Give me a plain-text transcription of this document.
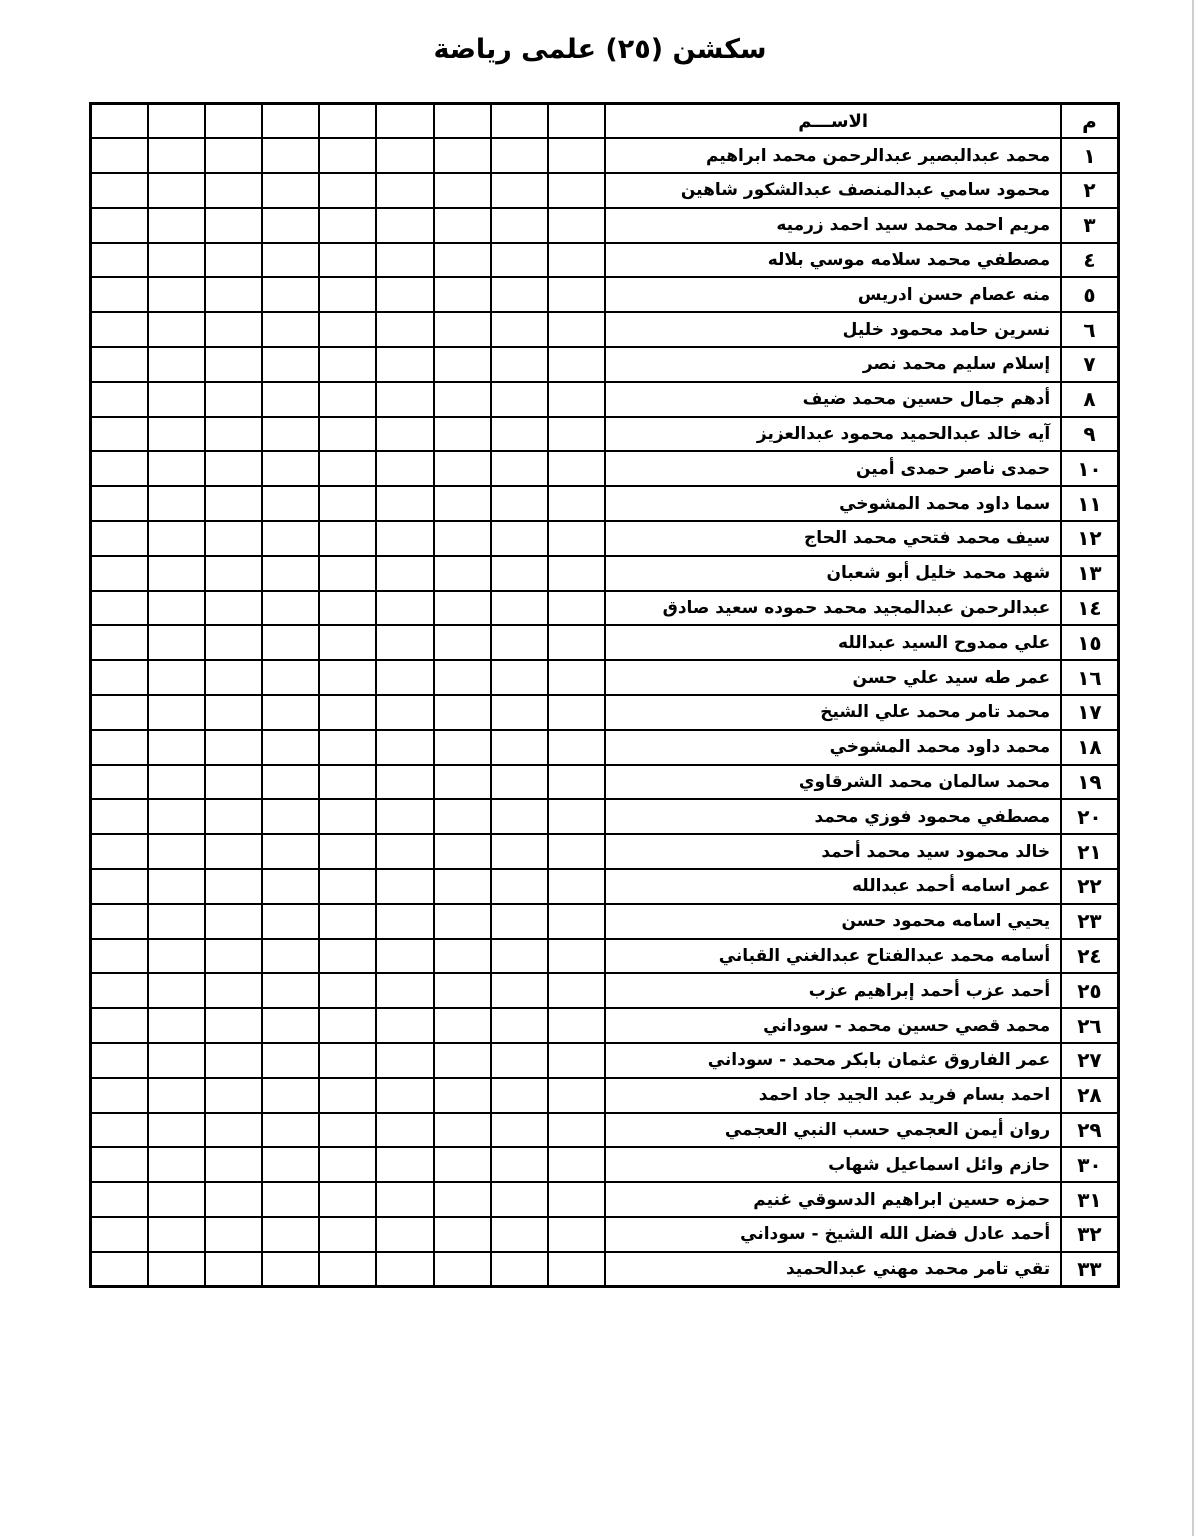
سكشن (٢٥) علمى رياضة
م	الاســـم									
١	محمد عبدالبصير عبدالرحمن محمد ابراهيم									
٢	محمود سامي عبدالمنصف عبدالشكور شاهين									
٣	مريم احمد محمد سيد احمد زرميه									
٤	مصطفي محمد سلامه موسي بلاله									
٥	منه عصام حسن ادريس									
٦	نسرين حامد محمود خليل									
٧	إسلام سليم محمد نصر									
٨	أدهم جمال حسين محمد ضيف									
٩	آيه خالد عبدالحميد محمود عبدالعزيز									
١٠	حمدى ناصر حمدى أمين									
١١	سما داود محمد المشوخي									
١٢	سيف محمد فتحي محمد الحاج									
١٣	شهد محمد خليل أبو شعبان									
١٤	عبدالرحمن عبدالمجيد محمد حموده سعيد صادق									
١٥	علي ممدوح السيد عبدالله									
١٦	عمر طه سيد علي حسن									
١٧	محمد تامر محمد علي الشيخ									
١٨	محمد داود محمد المشوخي									
١٩	محمد سالمان محمد الشرقاوي									
٢٠	مصطفي محمود فوزي محمد									
٢١	خالد محمود سيد محمد أحمد									
٢٢	عمر اسامه أحمد عبدالله									
٢٣	يحيي اسامه محمود حسن									
٢٤	أسامه محمد عبدالفتاح عبدالغني القباني									
٢٥	أحمد عزب أحمد إبراهيم عزب									
٢٦	محمد قصي حسين محمد - سوداني									
٢٧	عمر الفاروق عثمان بابكر محمد - سوداني									
٢٨	احمد بسام فريد عبد الجيد جاد احمد									
٢٩	روان أيمن العجمي حسب النبي العجمي									
٣٠	حازم وائل اسماعيل شهاب									
٣١	حمزه حسين ابراهيم الدسوقي غنيم									
٣٢	أحمد عادل فضل الله الشيخ - سوداني									
٣٣	تقي تامر محمد مهني عبدالحميد									
